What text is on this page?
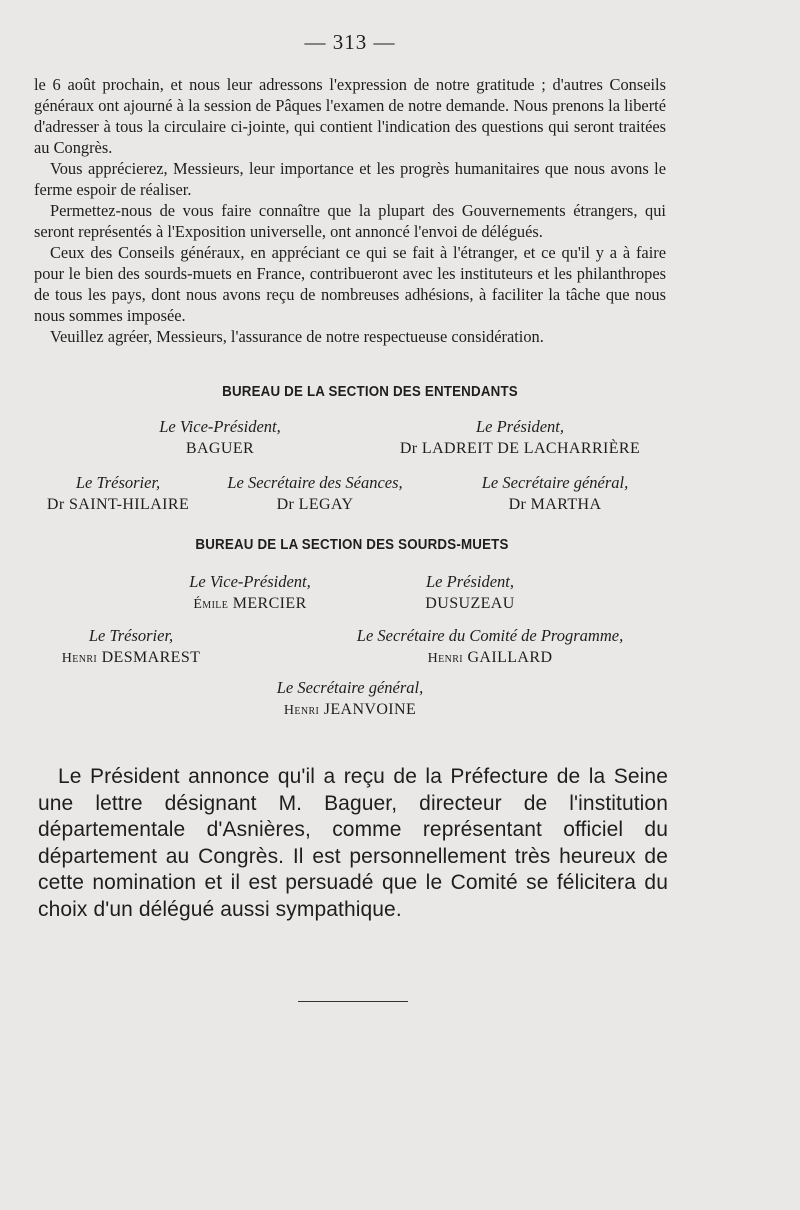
— 313 —

le 6 août prochain, et nous leur adressons l'expression de notre gratitude ; d'autres Conseils généraux ont ajourné à la session de Pâques l'examen de notre demande. Nous prenons la liberté d'adresser à tous la circulaire ci-jointe, qui contient l'indication des questions qui seront traitées au Congrès.

Vous apprécierez, Messieurs, leur importance et les progrès humanitaires que nous avons le ferme espoir de réaliser.

Permettez-nous de vous faire connaître que la plupart des Gouvernements étrangers, qui seront représentés à l'Exposition universelle, ont annoncé l'envoi de délégués.

Ceux des Conseils généraux, en appréciant ce qui se fait à l'étranger, et ce qu'il y a à faire pour le bien des sourds-muets en France, contribueront avec les instituteurs et les philanthropes de tous les pays, dont nous avons reçu de nombreuses adhésions, à faciliter la tâche que nous nous sommes imposée.

Veuillez agréer, Messieurs, l'assurance de notre respectueuse considération.

BUREAU DE LA SECTION DES ENTENDANTS
Le Vice-Président,
BAGUER
Le Président,
Dr LADREIT DE LACHARRIÈRE
Le Trésorier,
Dr SAINT-HILAIRE
Le Secrétaire des Séances,
Dr LEGAY
Le Secrétaire général,
Dr MARTHA
BUREAU DE LA SECTION DES SOURDS-MUETS
Le Vice-Président,
Émile MERCIER
Le Président,
DUSUZEAU
Le Trésorier,
Henri DESMAREST
Le Secrétaire du Comité de Programme,
Henri GAILLARD
Le Secrétaire général,
Henri JEANVOINE

Le Président annonce qu'il a reçu de la Préfecture de la Seine une lettre désignant M. Baguer, directeur de l'institution départementale d'Asnières, comme représentant officiel du département au Congrès. Il est personnellement très heureux de cette nomination et il est persuadé que le Comité se félicitera du choix d'un délégué aussi sympathique.
